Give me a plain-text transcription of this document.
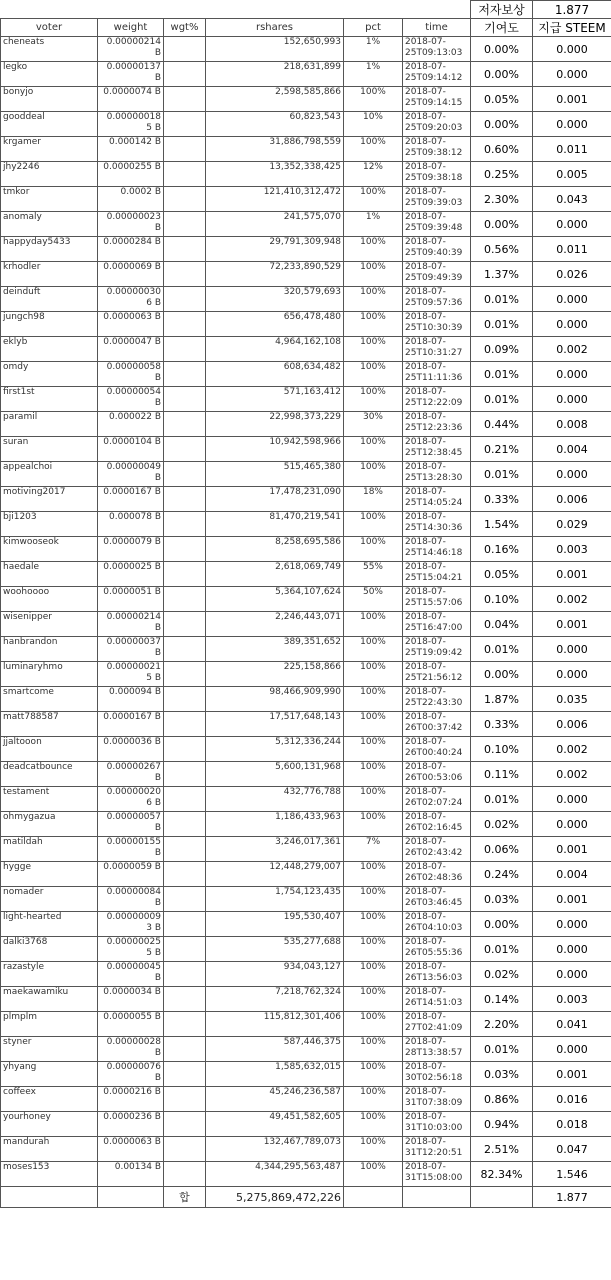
						저자보상	1.877
voter	weight	wgt%	rshares	pct	time	기여도	지급 STEEM
cheneats	0.00000214 B		152,650,993	1%	2018-07-25T09:13:03	0.00%	0.000
legko	0.00000137 B		218,631,899	1%	2018-07-25T09:14:12	0.00%	0.000
bonyjo	0.0000074 B		2,598,585,866	100%	2018-07-25T09:14:15	0.05%	0.001
gooddeal	0.00000018 5 B		60,823,543	10%	2018-07-25T09:20:03	0.00%	0.000
krgamer	0.000142 B		31,886,798,559	100%	2018-07-25T09:38:12	0.60%	0.011
jhy2246	0.0000255 B		13,352,338,425	12%	2018-07-25T09:38:18	0.25%	0.005
tmkor	0.0002 B		121,410,312,472	100%	2018-07-25T09:39:03	2.30%	0.043
anomaly	0.00000023 B		241,575,070	1%	2018-07-25T09:39:48	0.00%	0.000
happyday5433	0.0000284 B		29,791,309,948	100%	2018-07-25T09:40:39	0.56%	0.011
krhodler	0.0000069 B		72,233,890,529	100%	2018-07-25T09:49:39	1.37%	0.026
deinduft	0.00000030 6 B		320,579,693	100%	2018-07-25T09:57:36	0.01%	0.000
jungch98	0.0000063 B		656,478,480	100%	2018-07-25T10:30:39	0.01%	0.000
eklyb	0.0000047 B		4,964,162,108	100%	2018-07-25T10:31:27	0.09%	0.002
omdy	0.00000058 B		608,634,482	100%	2018-07-25T11:11:36	0.01%	0.000
first1st	0.00000054 B		571,163,412	100%	2018-07-25T12:22:09	0.01%	0.000
paramil	0.000022 B		22,998,373,229	30%	2018-07-25T12:23:36	0.44%	0.008
suran	0.0000104 B		10,942,598,966	100%	2018-07-25T12:38:45	0.21%	0.004
appealchoi	0.00000049 B		515,465,380	100%	2018-07-25T13:28:30	0.01%	0.000
motiving2017	0.0000167 B		17,478,231,090	18%	2018-07-25T14:05:24	0.33%	0.006
bji1203	0.000078 B		81,470,219,541	100%	2018-07-25T14:30:36	1.54%	0.029
kimwooseok	0.0000079 B		8,258,695,586	100%	2018-07-25T14:46:18	0.16%	0.003
haedale	0.0000025 B		2,618,069,749	55%	2018-07-25T15:04:21	0.05%	0.001
woohoooo	0.0000051 B		5,364,107,624	50%	2018-07-25T15:57:06	0.10%	0.002
wisenipper	0.00000214 B		2,246,443,071	100%	2018-07-25T16:47:00	0.04%	0.001
hanbrandon	0.00000037 B		389,351,652	100%	2018-07-25T19:09:42	0.01%	0.000
luminaryhmo	0.00000021 5 B		225,158,866	100%	2018-07-25T21:56:12	0.00%	0.000
smartcome	0.000094 B		98,466,909,990	100%	2018-07-25T22:43:30	1.87%	0.035
matt788587	0.0000167 B		17,517,648,143	100%	2018-07-26T00:37:42	0.33%	0.006
jjaltooon	0.0000036 B		5,312,336,244	100%	2018-07-26T00:40:24	0.10%	0.002
deadcatbounce	0.00000267 B		5,600,131,968	100%	2018-07-26T00:53:06	0.11%	0.002
testament	0.00000020 6 B		432,776,788	100%	2018-07-26T02:07:24	0.01%	0.000
ohmygazua	0.00000057 B		1,186,433,963	100%	2018-07-26T02:16:45	0.02%	0.000
matildah	0.00000155 B		3,246,017,361	7%	2018-07-26T02:43:42	0.06%	0.001
hygge	0.0000059 B		12,448,279,007	100%	2018-07-26T02:48:36	0.24%	0.004
nomader	0.00000084 B		1,754,123,435	100%	2018-07-26T03:46:45	0.03%	0.001
light-hearted	0.00000009 3 B		195,530,407	100%	2018-07-26T04:10:03	0.00%	0.000
dalki3768	0.00000025 5 B		535,277,688	100%	2018-07-26T05:55:36	0.01%	0.000
razastyle	0.00000045 B		934,043,127	100%	2018-07-26T13:56:03	0.02%	0.000
maekawamiku	0.0000034 B		7,218,762,324	100%	2018-07-26T14:51:03	0.14%	0.003
plmplm	0.0000055 B		115,812,301,406	100%	2018-07-27T02:41:09	2.20%	0.041
styner	0.00000028 B		587,446,375	100%	2018-07-28T13:38:57	0.01%	0.000
yhyang	0.00000076 B		1,585,632,015	100%	2018-07-30T02:56:18	0.03%	0.001
coffeex	0.0000216 B		45,246,236,587	100%	2018-07-31T07:38:09	0.86%	0.016
yourhoney	0.0000236 B		49,451,582,605	100%	2018-07-31T10:03:00	0.94%	0.018
mandurah	0.0000063 B		132,467,789,073	100%	2018-07-31T12:20:51	2.51%	0.047
moses153	0.00134 B		4,344,295,563,487	100%	2018-07-31T15:08:00	82.34%	1.546
		합	5,275,869,472,226				1.877
